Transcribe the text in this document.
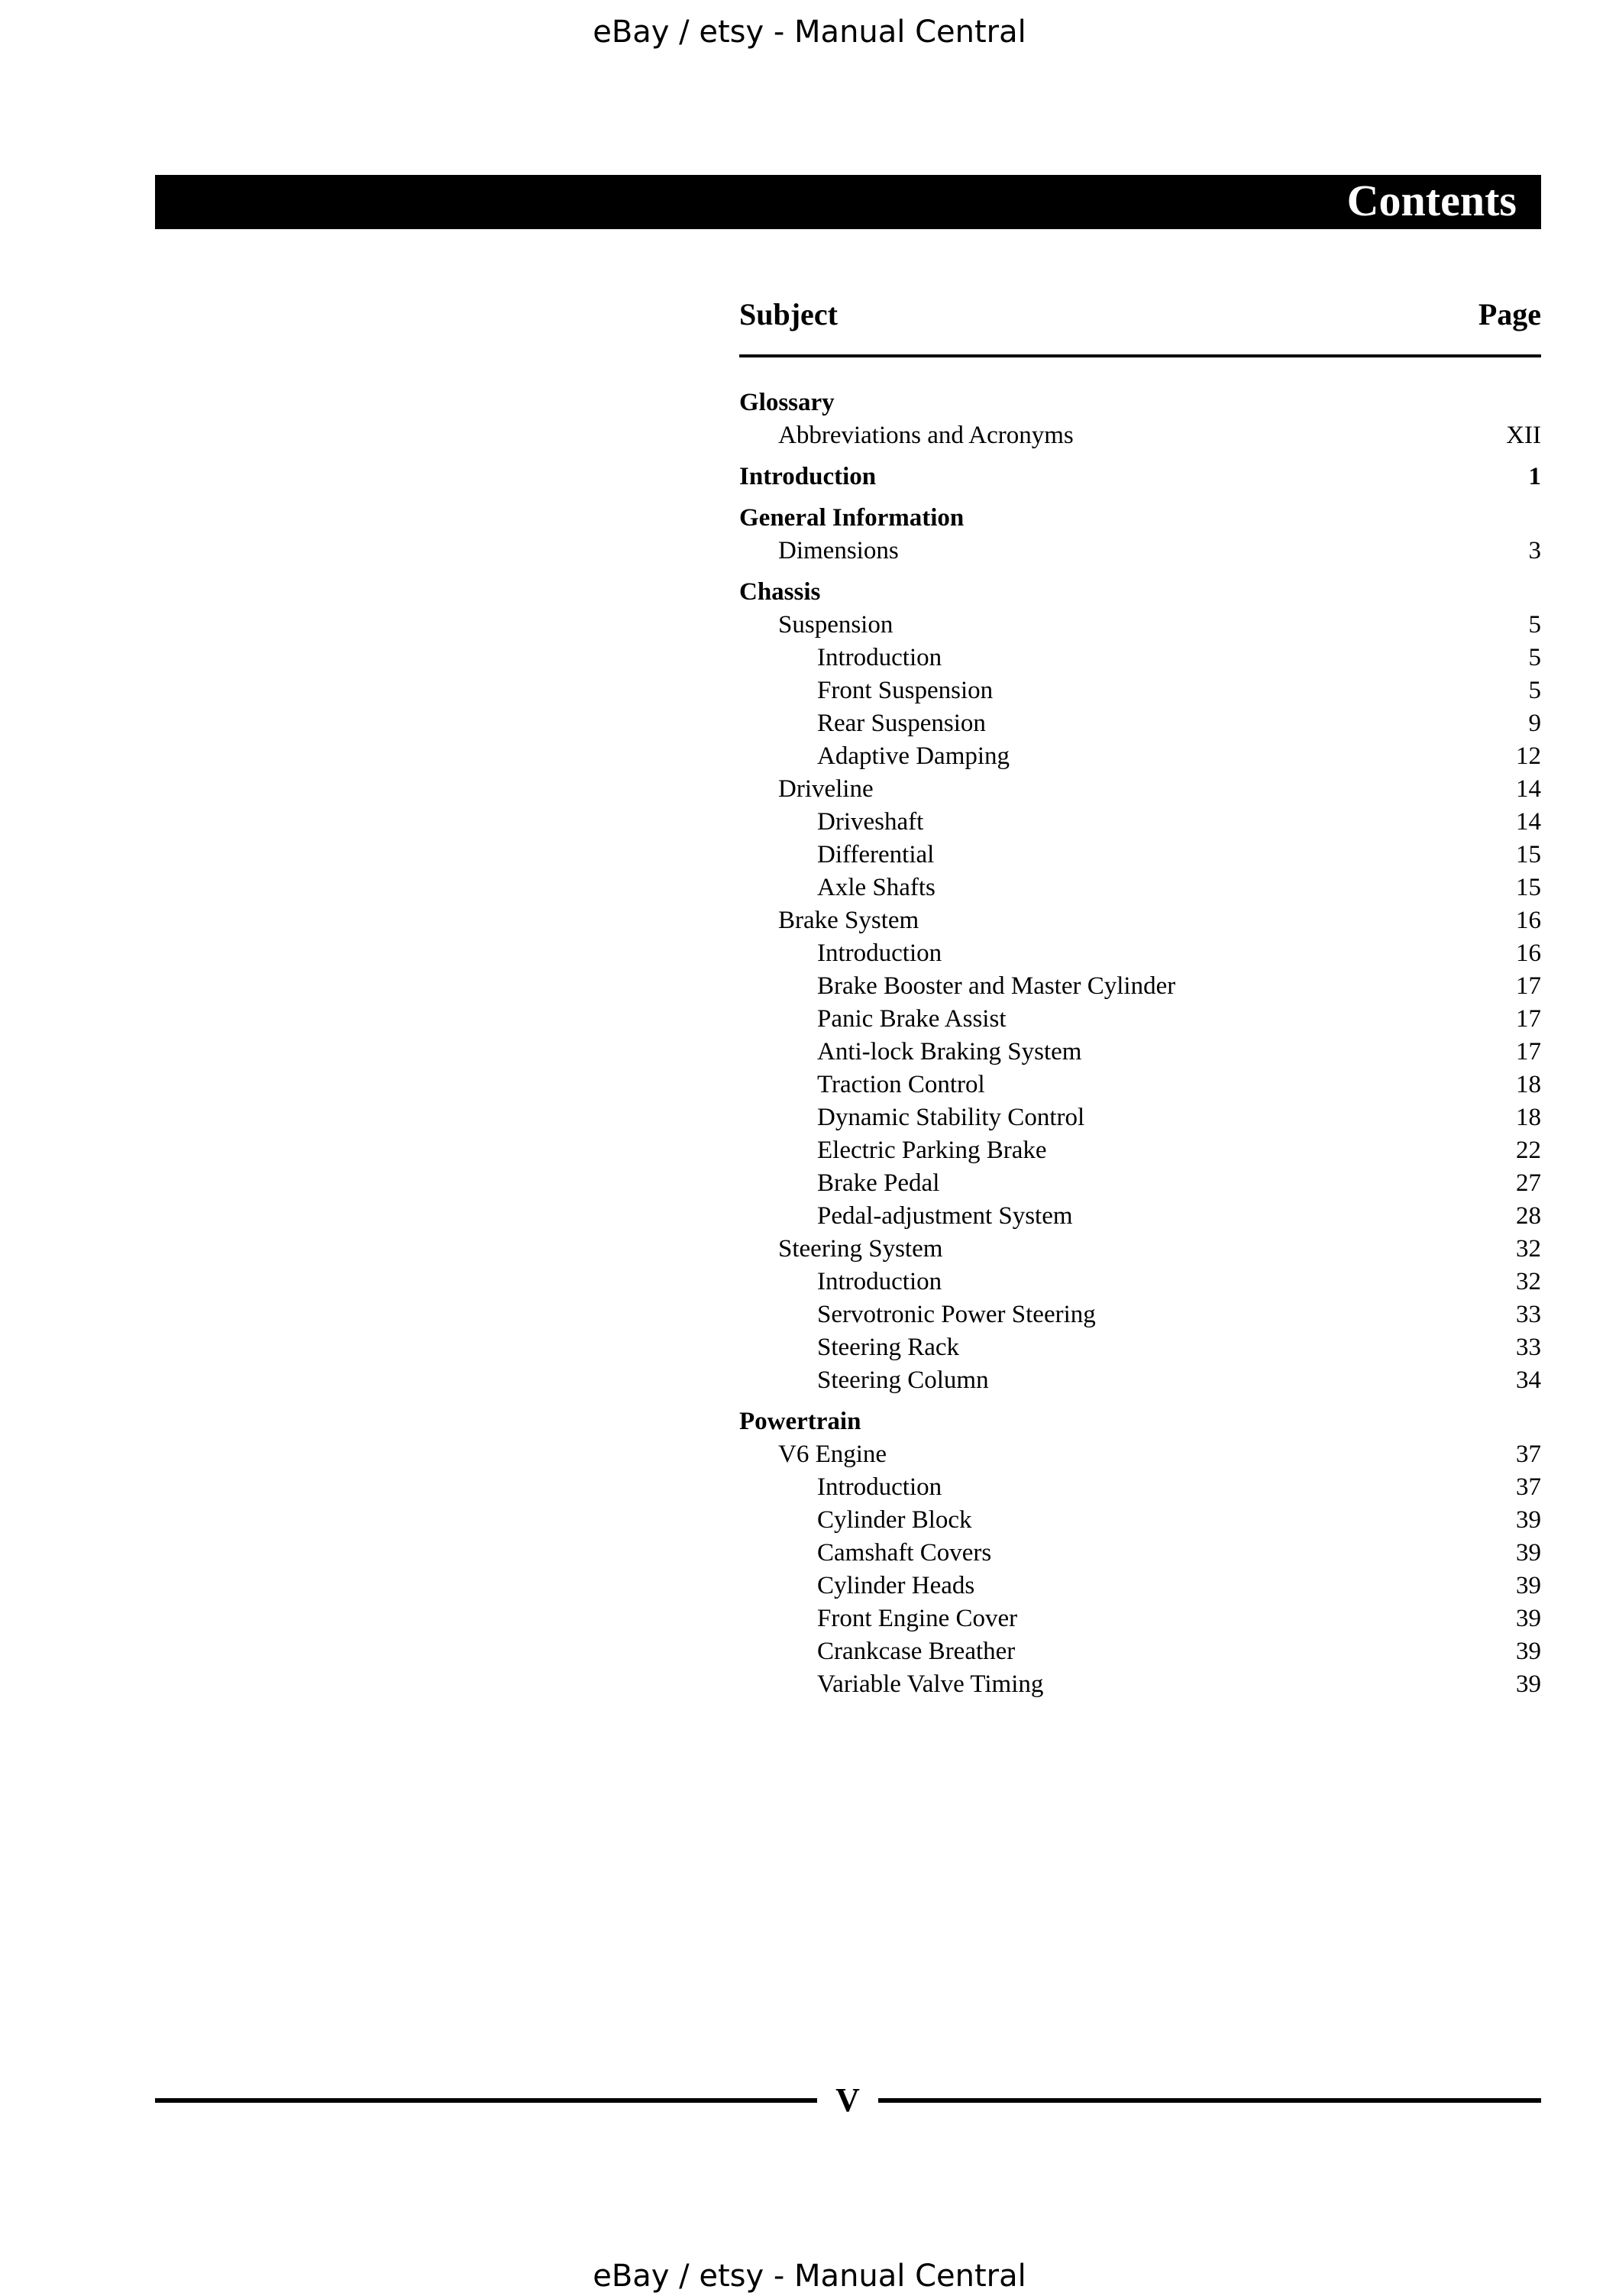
eBay / etsy - Manual Central
Contents
Subject	Page
Glossary
Abbreviations and Acronyms	XII
Introduction	1
General Information
Dimensions	3
Chassis
Suspension	5
Introduction	5
Front Suspension	5
Rear Suspension	9
Adaptive Damping	12
Driveline	14
Driveshaft	14
Differential	15
Axle Shafts	15
Brake System	16
Introduction	16
Brake Booster and Master Cylinder	17
Panic Brake Assist	17
Anti-lock Braking System	17
Traction Control	18
Dynamic Stability Control	18
Electric Parking Brake	22
Brake Pedal	27
Pedal-adjustment System	28
Steering System	32
Introduction	32
Servotronic Power Steering	33
Steering Rack	33
Steering Column	34
Powertrain
V6 Engine	37
Introduction	37
Cylinder Block	39
Camshaft Covers	39
Cylinder Heads	39
Front Engine Cover	39
Crankcase Breather	39
Variable Valve Timing	39
V
eBay / etsy - Manual Central
